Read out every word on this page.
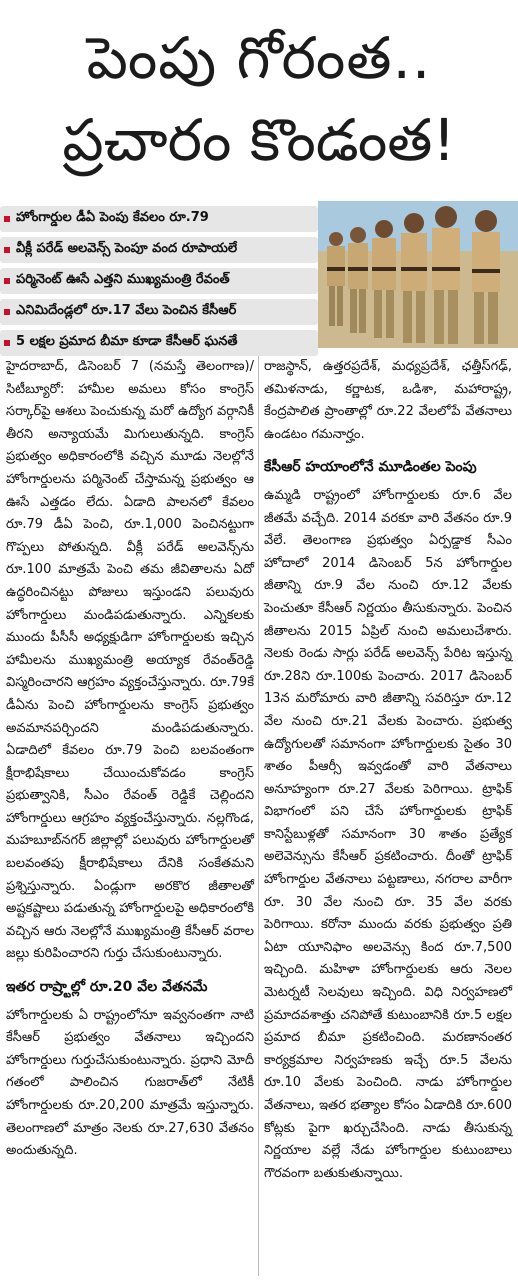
పెంపు గోరంత..
ప్రచారం కొండంత!
హోంగార్డుల డీఏ పెంపు కేవలం రూ.79
వీక్లీ పరేడ్ అలవెన్స్ పెంపూ వంద రూపాయలే
పర్మినెంట్ ఊసే ఎత్తని ముఖ్యమంత్రి రేవంత్
ఎనిమిదేండ్లలో రూ.17 వేలు పెంచిన కేసీఆర్
5 లక్షల ప్రమాద బీమా కూడా కేసీఆర్ ఘనతే

హైదరాబాద్, డిసెంబర్ 7 (నమస్తే తెలంగాణ)/సిటీబ్యూరో: హామీల అమలు కోసం కాంగ్రెస్ సర్కార్‌పై ఆశలు పెంచుకున్న మరో ఉద్యోగ వర్గానికీ తీరని అన్యాయమే మిగులుతున్నది. కాంగ్రెస్ ప్రభుత్వం అధికారంలోకి వచ్చిన మూడు నెలల్లోనే హోంగార్డులను పర్మినెంట్ చేస్తామన్న ప్రభుత్వం ఆ ఊసే ఎత్తడం లేదు. ఏడాది పాలనలో కేవలం రూ.79 డీఏ పెంచి, రూ.1,000 పెంచినట్టుగా గొప్పలు పోతున్నది. వీక్లీ పరేడ్ అలవెన్స్‌ను రూ.100 మాత్రమే పెంచి తమ జీవితాలను ఏదో ఉద్ధరించినట్టు పోజులు ఇస్తుండని పలువురు హోంగార్డులు మండిపడుతున్నారు. ఎన్నికలకు ముందు పీసీసీ అధ్యక్షుడిగా హోంగార్డులకు ఇచ్చిన హామీలను ముఖ్యమంత్రి అయ్యాక రేవంత్‌రెడ్డి విస్మరించారని ఆగ్రహం వ్యక్తంచేస్తున్నారు. రూ.79కే డీఏను పెంచి హోంగార్డులను కాంగ్రెస్ ప్రభుత్వం అవమానపర్చిందని మండిపడుతున్నారు. ఏడాదిలో కేవలం రూ.79 పెంచి బలవంతంగా క్షీరాభిషేకాలు చేయించుకోవడం కాంగ్రెస్ ప్రభుత్వానికి, సీఎం రేవంత్ రెడ్డికే చెల్లిందని హోంగార్డులు ఆగ్రహం వ్యక్తంచేస్తున్నారు. నల్లగొండ, మహబూబ్‌నగర్ జిల్లాల్లో పలువురు హోంగార్డులతో బలవంతపు క్షీరాభిషేకాలు దేనికి సంకేతమని ప్రశ్నిస్తున్నారు. ఏండ్లుగా అరకొర జీతాలతో అష్టకష్టాలు పడుతున్న హోంగార్డులపై అధికారంలోకి వచ్చిన ఆరు నెలల్లోనే ముఖ్యమంత్రి కేసీఆర్ వరాల జల్లు కురిపించారని గుర్తు చేసుకుంటున్నారు.

ఇతర రాష్ర్టాల్లో రూ.20 వేల వేతనమే

హోంగార్డులకు ఏ రాష్ట్రంలోనూ ఇవ్వనంతగా నాటి కేసీఆర్ ప్రభుత్వం వేతనాలు ఇచ్చిందని హోంగార్డులు గుర్తుచేసుకుంటున్నారు. ప్రధాని మోదీ గతంలో పాలించిన గుజరాత్‌లో నేటికీ హోంగార్డులకు రూ.20,200 మాత్రమే ఇస్తున్నారు. తెలంగాణలో మాత్రం నెలకు రూ.27,630 వేతనం అందుతున్నది.

రాజస్థాన్, ఉత్తరప్రదేశ్, మధ్యప్రదేశ్, ఛత్తీస్‌గఢ్, తమిళనాడు, కర్ణాటక, ఒడిశా, మహారాష్ట్ర, కేంద్రపాలిత ప్రాంతాల్లో రూ.22 వేలలోపే వేతనాలు ఉండటం గమనార్హం.

కేసీఆర్ హయాంలోనే మూడింతల పెంపు

ఉమ్మడి రాష్ట్రంలో హోంగార్డులకు రూ.6 వేల జీతమే వచ్చేది. 2014 వరకూ వారి వేతనం రూ.9 వేలే. తెలంగాణ ప్రభుత్వం ఏర్పడ్డాక సీఎం హోదాలో 2014 డిసెంబర్ 5న హోంగార్డుల జీతాన్ని రూ.9 వేల నుంచి రూ.12 వేలకు పెంచుతూ కేసీఆర్ నిర్ణయం తీసుకున్నారు. పెంచిన జీతాలను 2015 ఏప్రిల్ నుంచి అమలుచేశారు. నెలకు రెండు సార్లు పరేడ్ అలవెన్స్ పేరిట ఇస్తున్న రూ.28ని రూ.100కు పెంచారు. 2017 డిసెంబర్ 13న మరోమారు వారి జీతాన్ని సవరిస్తూ రూ.12 వేల నుంచి రూ.21 వేలకు పెంచారు. ప్రభుత్వ ఉద్యోగులతో సమానంగా హోంగార్డులకు సైతం 30 శాతం పీఆర్సీ ఇవ్వడంతో వారి వేతనాలు అనూహ్యంగా రూ.27 వేలకు పెరిగాయి. ట్రాఫిక్ విభాగంలో పని చేసే హోంగార్డులకు ట్రాఫిక్ కానిస్టేబుళ్లతో సమానంగా 30 శాతం ప్రత్యేక అలెవెన్సును కేసీఆర్ ప్రకటించారు. దీంతో ట్రాఫిక్ హోంగార్డుల వేతనాలు పట్టణాలు, నగరాల వారీగా రూ. 30 వేల నుంచి రూ. 35 వేల వరకు పెరిగాయి. కరోనా ముందు వరకు ప్రభుత్వం ప్రతి ఏటా యూనిఫాం అలవెన్సు కింద రూ.7,500 ఇచ్చింది. మహిళా హోంగార్డులకు ఆరు నెలల మెటర్నటీ సెలవులు ఇచ్చింది. విధి నిర్వహణలో ప్రమాదవశాత్తు చనిపోతే కుటుంబానికి రూ.5 లక్షల ప్రమాద బీమా ప్రకటించింది. మరణానంతర కార్యక్రమాల నిర్వహణకు ఇచ్చే రూ.5 వేలను రూ.10 వేలకు పెంచింది. నాడు హోంగార్డుల వేతనాలు, ఇతర భత్యాల కోసం ఏడాదికి రూ.600 కోట్లకు పైగా ఖర్చుచేసింది. నాడు తీసుకున్న నిర్ణయాల వల్లే నేడు హోంగార్డుల కుటుంబాలు గౌరవంగా బతుకుతున్నాయి.
